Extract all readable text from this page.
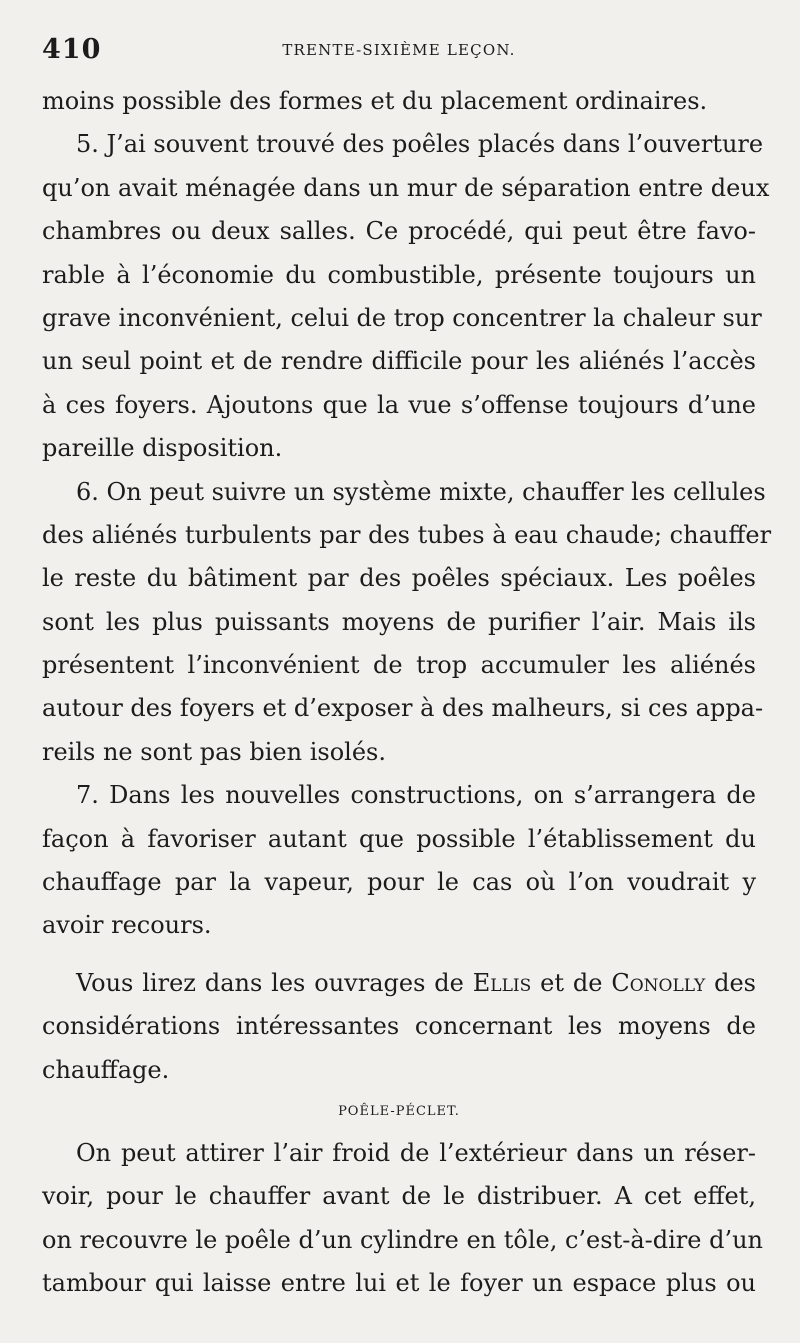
410	TRENTE-SIXIÈME LEÇON.
moins possible des formes et du placement ordinaires.
5. J’ai souvent trouvé des poêles placés dans l’ouverture
qu’on avait ménagée dans un mur de séparation entre deux
chambres ou deux salles. Ce procédé, qui peut être favo-
rable à l’économie du combustible, présente toujours un
grave inconvénient, celui de trop concentrer la chaleur sur
un seul point et de rendre difficile pour les aliénés l’accès
à ces foyers. Ajoutons que la vue s’offense toujours d’une
pareille disposition.
6. On peut suivre un système mixte, chauffer les cellules
des aliénés turbulents par des tubes à eau chaude; chauffer
le reste du bâtiment par des poêles spéciaux. Les poêles
sont les plus puissants moyens de purifier l’air. Mais ils
présentent l’inconvénient de trop accumuler les aliénés
autour des foyers et d’exposer à des malheurs, si ces appa-
reils ne sont pas bien isolés.
7. Dans les nouvelles constructions, on s’arrangera de
façon à favoriser autant que possible l’établissement du
chauffage par la vapeur, pour le cas où l’on voudrait y
avoir recours.
Vous lirez dans les ouvrages de Ellis et de Conolly des
considérations intéressantes concernant les moyens de
chauffage.
POÊLE-PÉCLET.
On peut attirer l’air froid de l’extérieur dans un réser-
voir, pour le chauffer avant de le distribuer. A cet effet,
on recouvre le poêle d’un cylindre en tôle, c’est-à-dire d’un
tambour qui laisse entre lui et le foyer un espace plus ou
